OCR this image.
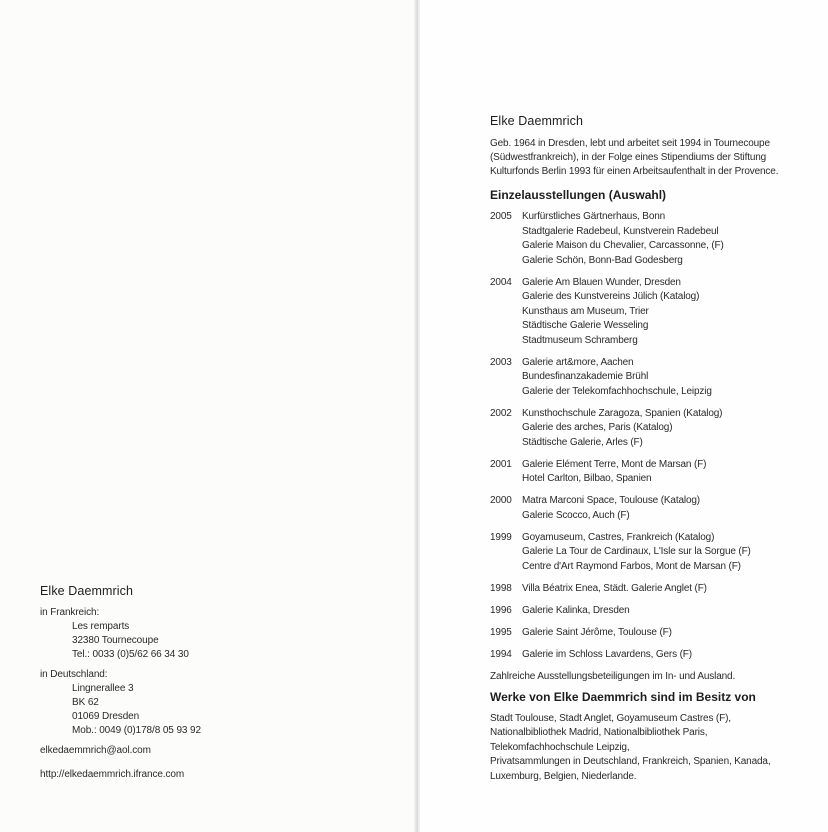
Elke Daemmrich
in Frankreich:
Les remparts
32380 Tournecoupe
Tel.: 0033 (0)5/62 66 34 30
in Deutschland:
Lingnerallee 3
BK 62
01069 Dresden
Mob.: 0049 (0)178/8 05 93 92
elkedaemmrich@aol.com
http://elkedaemmrich.ifrance.com
Elke Daemmrich

Geb. 1964 in Dresden, lebt und arbeitet seit 1994 in Tournecoupe (Südwestfrankreich), in der Folge eines Stipendiums der Stiftung Kulturfonds Berlin 1993 für einen Arbeitsaufenthalt in der Provence.

Einzelausstellungen (Auswahl)
2005	Kurfürstliches Gärtnerhaus, Bonn
Stadtgalerie Radebeul, Kunstverein Radebeul
Galerie Maison du Chevalier, Carcassonne, (F)
Galerie Schön, Bonn-Bad Godesberg
2004	Galerie Am Blauen Wunder, Dresden
Galerie des Kunstvereins Jülich (Katalog)
Kunsthaus am Museum, Trier
Städtische Galerie Wesseling
Stadtmuseum Schramberg
2003	Galerie art&more, Aachen
Bundesfinanzakademie Brühl
Galerie der Telekomfachhochschule, Leipzig
2002	Kunsthochschule Zaragoza, Spanien (Katalog)
Galerie des arches, Paris (Katalog)
Städtische Galerie, Arles (F)
2001	Galerie Elément Terre, Mont de Marsan (F)
Hotel Carlton, Bilbao, Spanien
2000	Matra Marconi Space, Toulouse (Katalog)
Galerie Scocco, Auch (F)
1999	Goyamuseum, Castres, Frankreich (Katalog)
Galerie La Tour de Cardinaux, L'Isle sur la Sorgue (F)
Centre d'Art Raymond Farbos, Mont de Marsan (F)
1998	Villa Béatrix Enea, Städt. Galerie Anglet (F)
1996	Galerie Kalinka, Dresden
1995	Galerie Saint Jérôme, Toulouse (F)
1994	Galerie im Schloss Lavardens, Gers (F)
Zahlreiche Ausstellungsbeteiligungen im In- und Ausland.
Werke von Elke Daemmrich sind im Besitz von
Stadt Toulouse, Stadt Anglet, Goyamuseum Castres (F),
Nationalbibliothek Madrid, Nationalbibliothek Paris,
Telekomfachhochschule Leipzig,
Privatsammlungen in Deutschland, Frankreich, Spanien, Kanada,
Luxemburg, Belgien, Niederlande.
